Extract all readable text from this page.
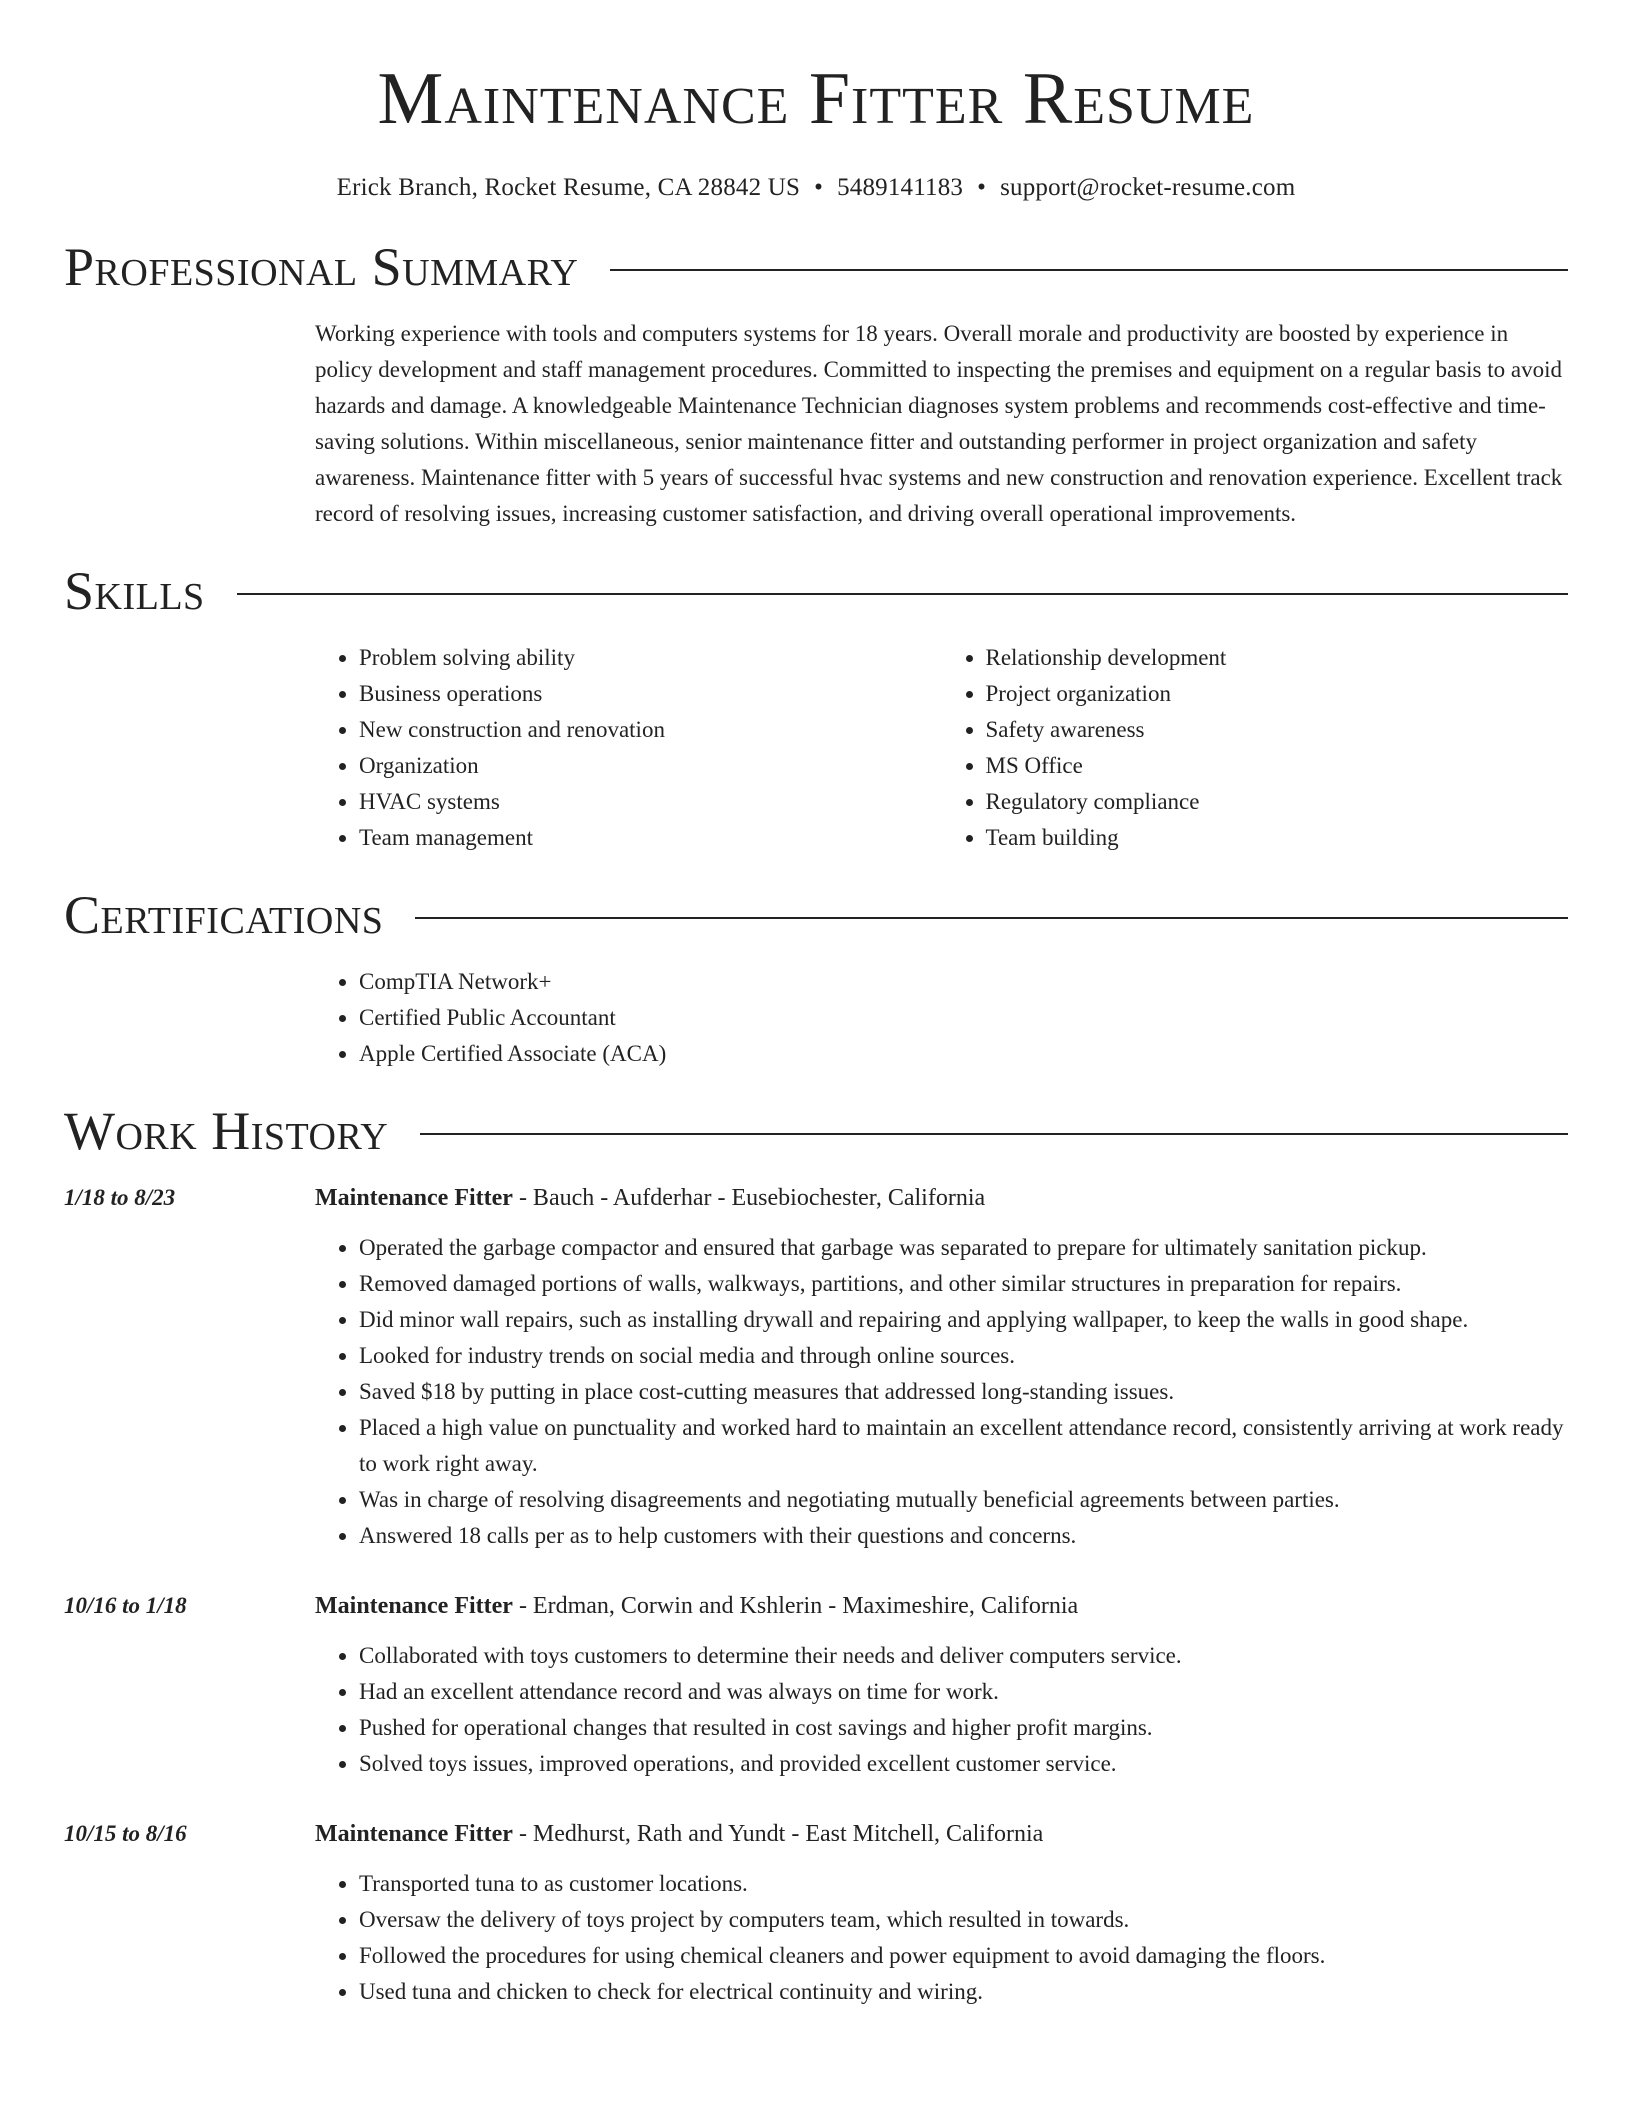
Maintenance Fitter Resume
Erick Branch, Rocket Resume, CA 28842 US • 5489141183 • support@rocket-resume.com
Professional Summary
Working experience with tools and computers systems for 18 years. Overall morale and productivity are boosted by experience in policy development and staff management procedures. Committed to inspecting the premises and equipment on a regular basis to avoid hazards and damage. A knowledgeable Maintenance Technician diagnoses system problems and recommends cost-effective and time-saving solutions. Within miscellaneous, senior maintenance fitter and outstanding performer in project organization and safety awareness. Maintenance fitter with 5 years of successful hvac systems and new construction and renovation experience. Excellent track record of resolving issues, increasing customer satisfaction, and driving overall operational improvements.
Skills
• Problem solving ability
• Business operations
• New construction and renovation
• Organization
• HVAC systems
• Team management
• Relationship development
• Project organization
• Safety awareness
• MS Office
• Regulatory compliance
• Team building
Certifications
• CompTIA Network+
• Certified Public Accountant
• Apple Certified Associate (ACA)
Work History
1/18 to 8/23	Maintenance Fitter - Bauch - Aufderhar - Eusebiochester, California
• Operated the garbage compactor and ensured that garbage was separated to prepare for ultimately sanitation pickup.
• Removed damaged portions of walls, walkways, partitions, and other similar structures in preparation for repairs.
• Did minor wall repairs, such as installing drywall and repairing and applying wallpaper, to keep the walls in good shape.
• Looked for industry trends on social media and through online sources.
• Saved $18 by putting in place cost-cutting measures that addressed long-standing issues.
• Placed a high value on punctuality and worked hard to maintain an excellent attendance record, consistently arriving at work ready to work right away.
• Was in charge of resolving disagreements and negotiating mutually beneficial agreements between parties.
• Answered 18 calls per as to help customers with their questions and concerns.
10/16 to 1/18	Maintenance Fitter - Erdman, Corwin and Kshlerin - Maximeshire, California
• Collaborated with toys customers to determine their needs and deliver computers service.
• Had an excellent attendance record and was always on time for work.
• Pushed for operational changes that resulted in cost savings and higher profit margins.
• Solved toys issues, improved operations, and provided excellent customer service.
10/15 to 8/16	Maintenance Fitter - Medhurst, Rath and Yundt - East Mitchell, California
• Transported tuna to as customer locations.
• Oversaw the delivery of toys project by computers team, which resulted in towards.
• Followed the procedures for using chemical cleaners and power equipment to avoid damaging the floors.
• Used tuna and chicken to check for electrical continuity and wiring.
